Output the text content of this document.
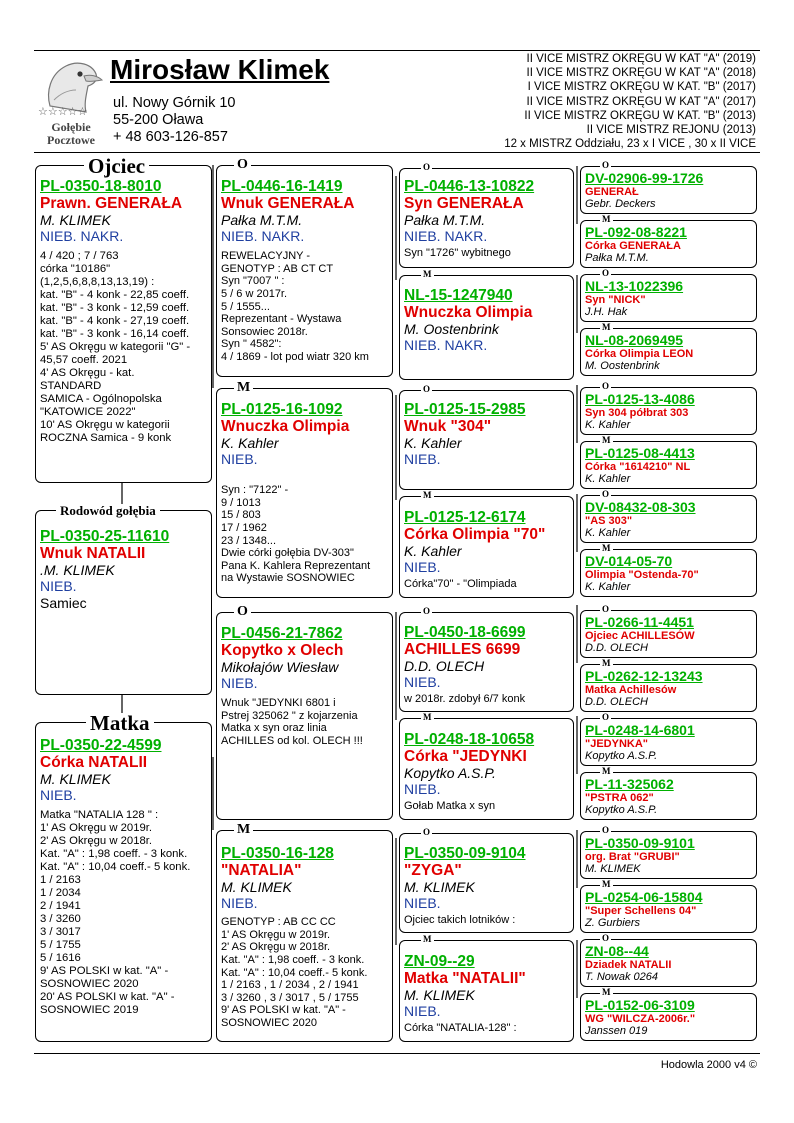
☆☆☆☆☆
Gołębie
Pocztowe
Mirosław Klimek
ul. Nowy Górnik 10
55-200 Oława
+ 48 603-126-857
II VICE MISTRZ OKRĘGU W KAT "A" (2019)
II VICE MISTRZ OKRĘGU W KAT "A" (2018)
I VICE MISTRZ OKRĘGU W KAT. "B" (2017)
II VICE MISTRZ OKRĘGU W KAT "A" (2017)
II VICE MISTRZ OKRĘGU W KAT. "B" (2013)
II VICE MISTRZ REJONU (2013)
12 x MISTRZ Oddziału, 23 x I VICE , 30 x II VICE
PL-0350-18-8010
Prawn. GENERAŁA
M. KLIMEK
NIEB. NAKR.
4 / 420 ; 7 / 763
córka "10186"
(1,2,5,6,8,8,13,13,19) :
kat. "B" - 4 konk - 22,85 coeff.
kat. "B" - 3 konk - 12,59 coeff.
kat. "B" - 4 konk - 27,19 coeff.
kat. "B" - 3 konk - 16,14 coeff.
5' AS Okręgu w kategorii "G" -
45,57 coeff. 2021
4' AS Okręgu - kat.
STANDARD
SAMICA - Ogólnopolska
"KATOWICE 2022"
10' AS Okręgu w kategorii
ROCZNA Samica - 9 konk
Ojciec
PL-0350-25-11610
Wnuk NATALII
.M. KLIMEK
NIEB.
Samiec
Rodowód gołębia
PL-0350-22-4599
Córka NATALII
M. KLIMEK
NIEB.
Matka "NATALIA 128 " :
1' AS Okręgu w 2019r.
2' AS Okręgu w 2018r.
Kat. "A" : 1,98 coeff. - 3 konk.
Kat. "A" : 10,04 coeff.- 5 konk.
1 / 2163
1 / 2034
2 / 1941
3 / 3260
3 / 3017
5 / 1755
5 / 1616
9' AS POLSKI w kat. "A" -
SOSNOWIEC 2020
20' AS POLSKI w kat. "A" -
SOSNOWIEC 2019
Matka
PL-0446-16-1419
Wnuk GENERAŁA
Pałka M.T.M.
NIEB. NAKR.
REWELACYJNY -
GENOTYP : AB CT CT
Syn "7007 " :
5 / 6 w 2017r.
5 / 1555...
Reprezentant - Wystawa
Sonsowiec 2018r.
Syn " 4582":
4 / 1869 - lot pod wiatr 320 km
O
PL-0125-16-1092
Wnuczka Olimpia
K. Kahler
NIEB.
Syn : "7122" -
9 / 1013
15 / 803
17 / 1962
23 / 1348...
Dwie córki gołębia DV-303"
Pana K. Kahlera Reprezentant
na Wystawie SOSNOWIEC
M
PL-0456-21-7862
Kopytko x Olech
Mikołajów Wiesław
NIEB.
Wnuk "JEDYNKI 6801 i
Pstrej 325062 " z kojarzenia
Matka x syn oraz linia
ACHILLES od kol. OLECH !!!
O
PL-0350-16-128
"NATALIA"
M. KLIMEK
NIEB.
GENOTYP : AB CC CC
1' AS Okręgu w 2019r.
2' AS Okręgu w 2018r.
Kat. "A" : 1,98 coeff. - 3 konk.
Kat. "A" : 10,04 coeff.- 5 konk.
1 / 2163 , 1 / 2034 , 2 / 1941
3 / 3260 , 3 / 3017 , 5 / 1755
9' AS POLSKI w kat. "A" -
SOSNOWIEC 2020
M
PL-0446-13-10822
Syn GENERAŁA
Pałka M.T.M.
NIEB. NAKR.
Syn "1726" wybitnego
O
NL-15-1247940
Wnuczka Olimpia
M. Oostenbrink
NIEB. NAKR.
M
PL-0125-15-2985
Wnuk "304"
K. Kahler
NIEB.
O
PL-0125-12-6174
Córka Olimpia "70"
K. Kahler
NIEB.
Córka"70" - "Olimpiada
M
PL-0450-18-6699
ACHILLES 6699
D.D. OLECH
NIEB.
w 2018r. zdobył 6/7 konk
O
PL-0248-18-10658
Córka "JEDYNKI
Kopytko A.S.P.
NIEB.
Gołab Matka x syn
M
PL-0350-09-9104
"ZYGA"
M. KLIMEK
NIEB.
Ojciec takich lotników :
O
ZN-09--29
Matka "NATALII"
M. KLIMEK
NIEB.
Córka "NATALIA-128" :
M
DV-02906-99-1726
GENERAŁ
Gebr. Deckers
O
PL-092-08-8221
Córka GENERAŁA
Pałka M.T.M.
M
NL-13-1022396
Syn "NICK"
J.H. Hak
O
NL-08-2069495
Córka Olimpia LEON
M. Oostenbrink
M
PL-0125-13-4086
Syn 304 półbrat 303
K. Kahler
O
PL-0125-08-4413
Córka "1614210" NL
K. Kahler
M
DV-08432-08-303
"AS 303"
K. Kahler
O
DV-014-05-70
Olimpia "Ostenda-70"
K. Kahler
M
PL-0266-11-4451
Ojciec ACHILLESÓW
D.D. OLECH
O
PL-0262-12-13243
Matka Achillesów
D.D. OLECH
M
PL-0248-14-6801
"JEDYNKA"
Kopytko A.S.P.
O
PL-11-325062
"PSTRA 062"
Kopytko A.S.P.
M
PL-0350-09-9101
org. Brat "GRUBI"
M. KLIMEK
O
PL-0254-06-15804
"Super Schellens 04"
Z. Gurbiers
M
ZN-08--44
Dziadek NATALII
T. Nowak 0264
O
PL-0152-06-3109
WG "WILCZA-2006r."
Janssen 019
M
Hodowla 2000 v4 ©
